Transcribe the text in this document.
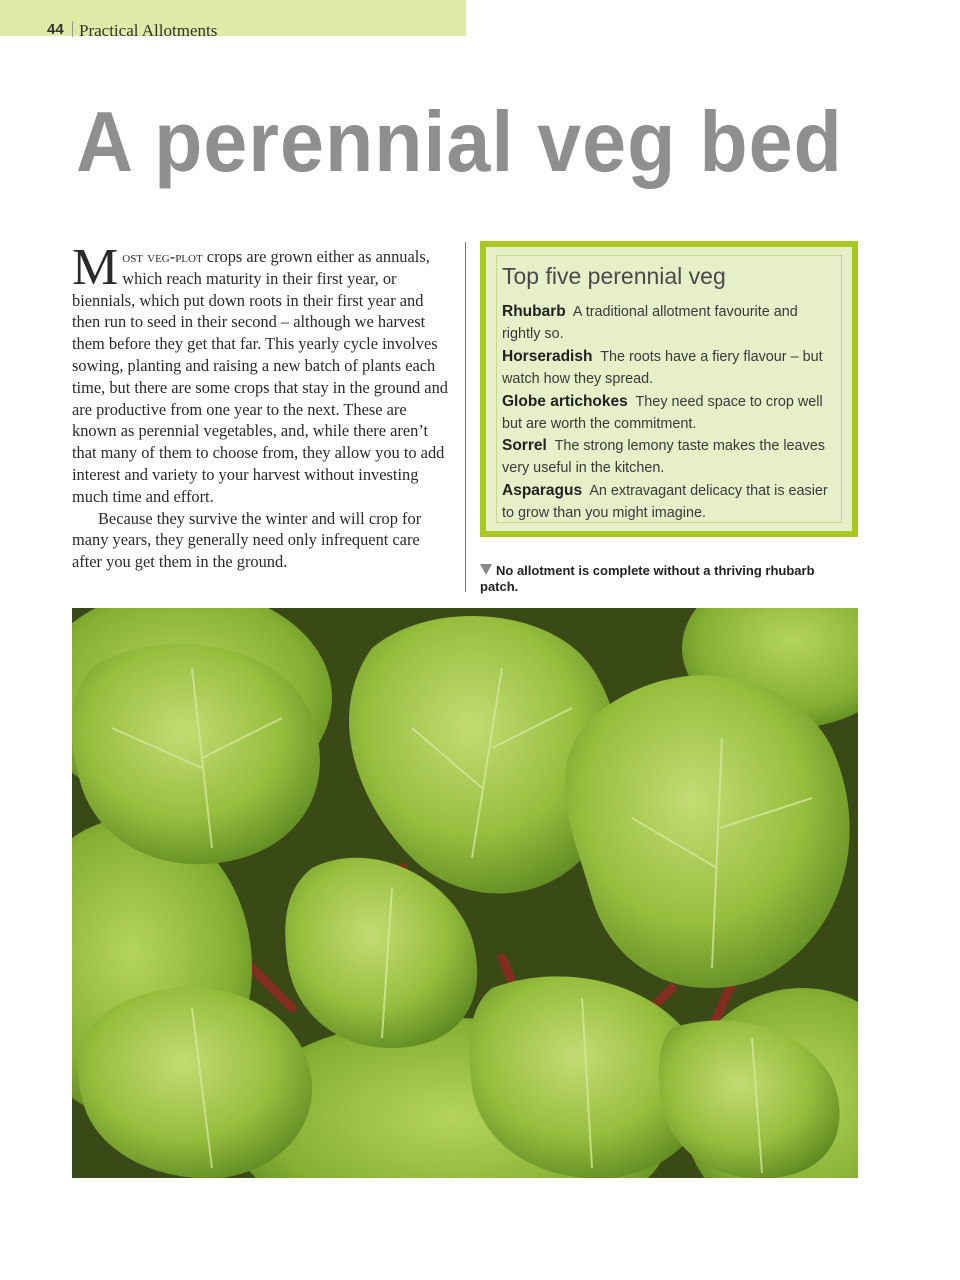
44 Practical Allotments
A perennial veg bed

Most veg-plot crops are grown either as annuals, which reach maturity in their first year, or biennials, which put down roots in their first year and then run to seed in their second – although we harvest them before they get that far. This yearly cycle involves sowing, planting and raising a new batch of plants each time, but there are some crops that stay in the ground and are productive from one year to the next. These are known as perennial vegetables, and, while there aren’t that many of them to choose from, they allow you to add interest and variety to your harvest without investing much time and effort.

Because they survive the winter and will crop for many years, they generally need only infrequent care after you get them in the ground.

Top five perennial veg
Rhubarb A traditional allotment favourite and rightly so.
Horseradish The roots have a fiery flavour – but watch how they spread.
Globe artichokes They need space to crop well but are worth the commitment.
Sorrel The strong lemony taste makes the leaves very useful in the kitchen.
Asparagus An extravagant delicacy that is easier to grow than you might imagine.
No allotment is complete without a thriving rhubarb patch.
